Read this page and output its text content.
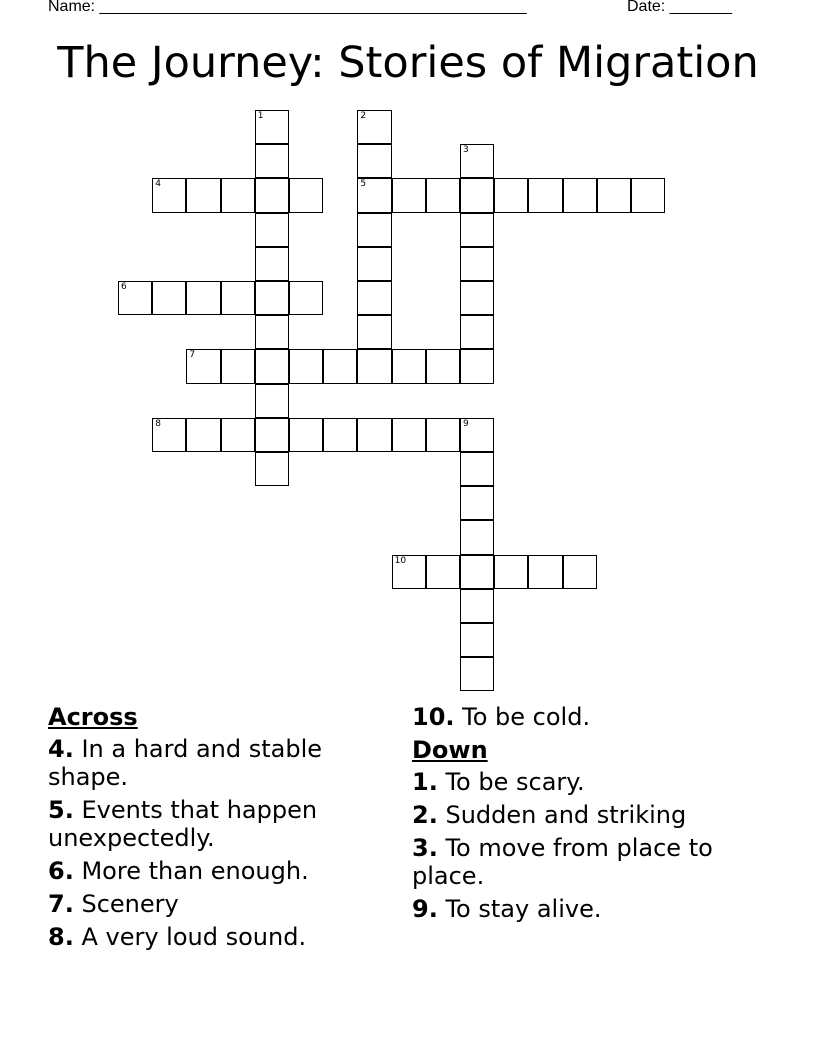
Name: ________________________________________________	Date: _______
The Journey: Stories of Migration
1	2
5
3
4
6
7
8	9
10
Across
4. In a hard and stable shape.
5. Events that happen unexpectedly.
6. More than enough.
7. Scenery
8. A very loud sound.
10. To be cold.
Down
1. To be scary.
2. Sudden and striking
3. To move from place to place.
9. To stay alive.
